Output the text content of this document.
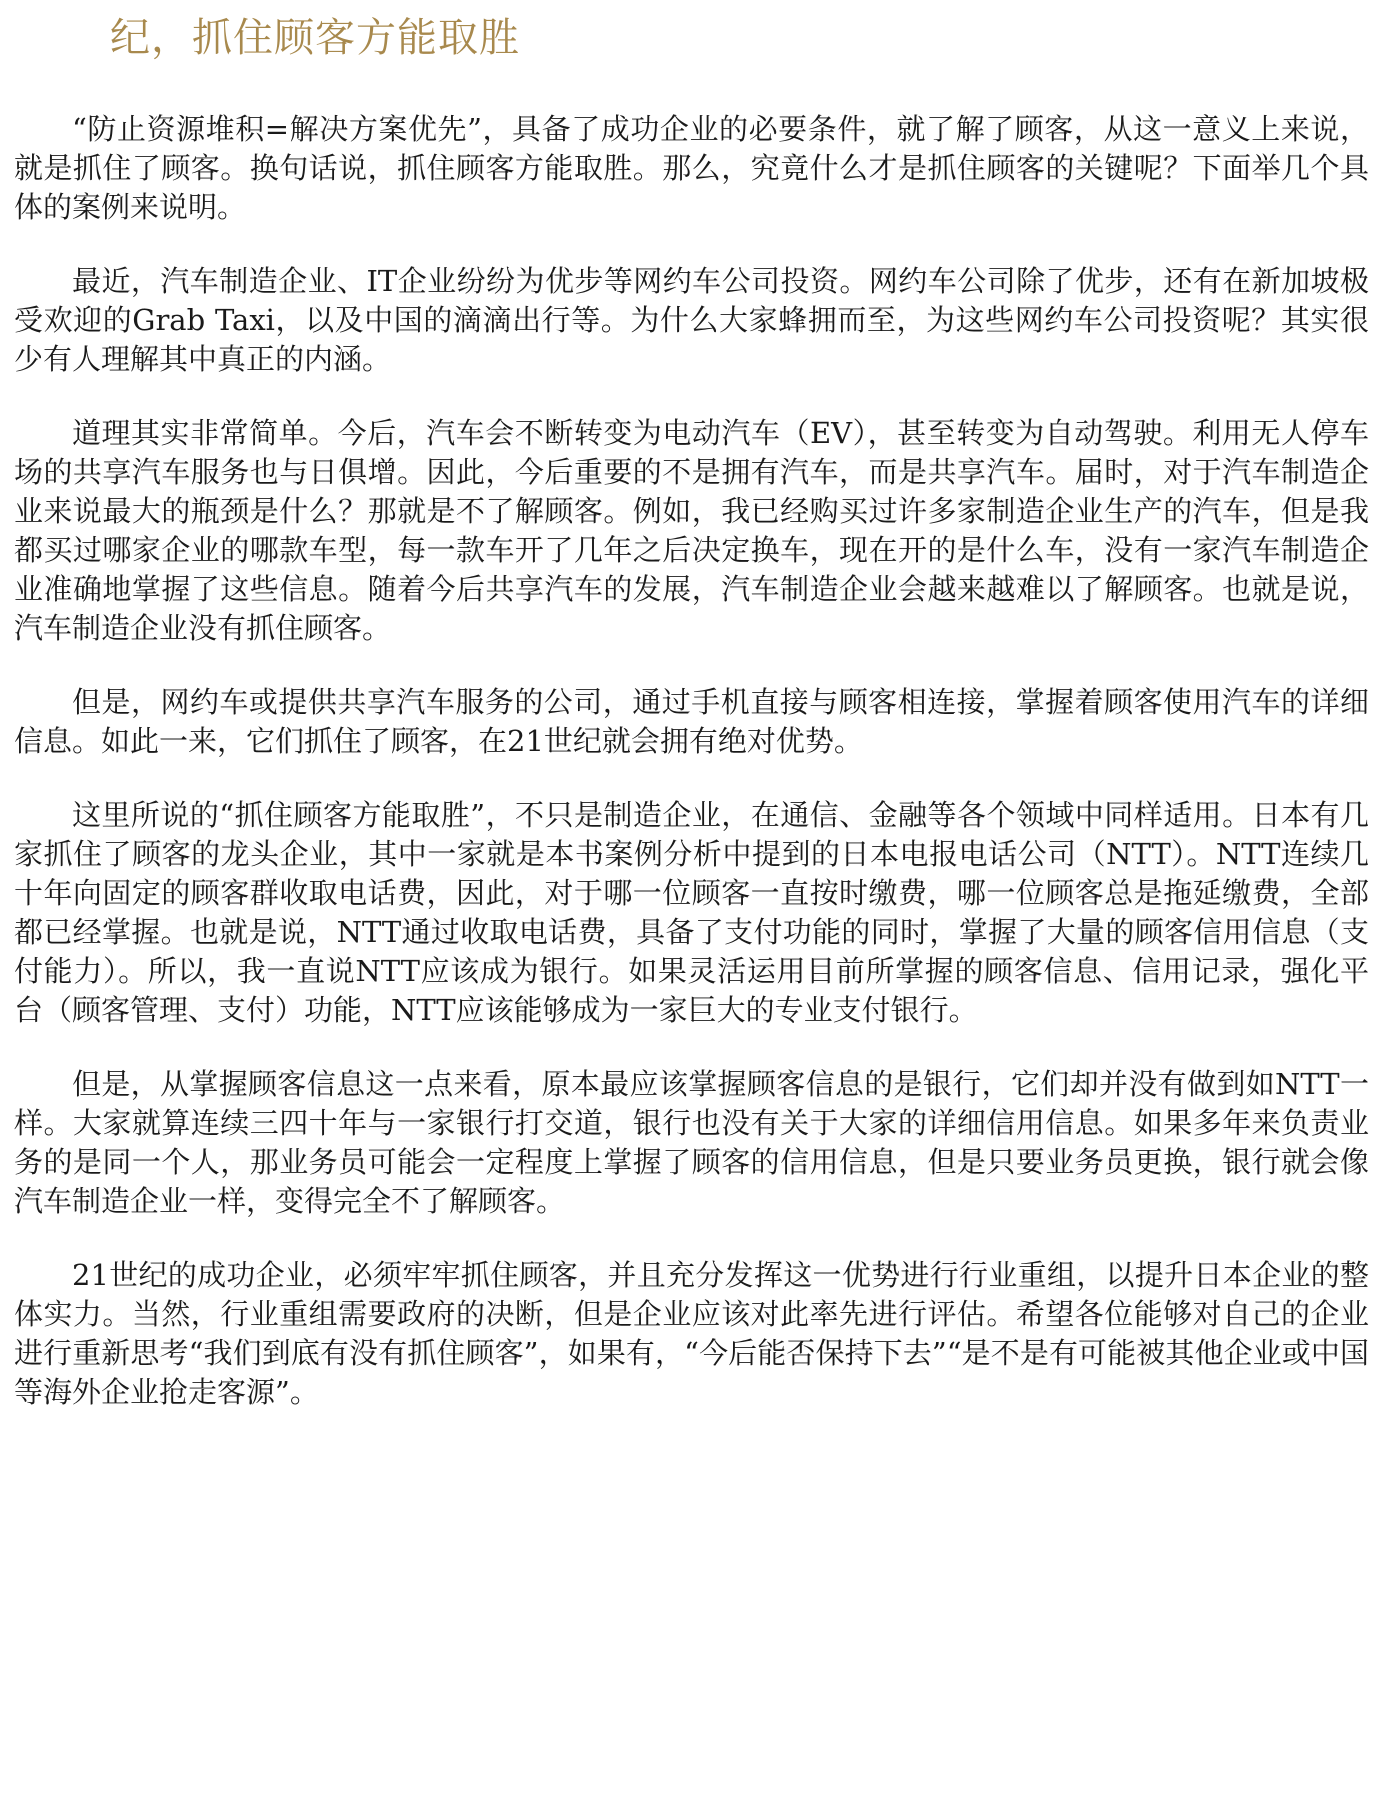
纪，抓住顾客方能取胜

“防止资源堆积=解决方案优先”，具备了成功企业的必要条件，就了解了顾客，从这一意义上来说，就是抓住了顾客。换句话说，抓住顾客方能取胜。那么，究竟什么才是抓住顾客的关键呢？下面举几个具体的案例来说明。

最近，汽车制造企业、IT企业纷纷为优步等网约车公司投资。网约车公司除了优步，还有在新加坡极受欢迎的Grab Taxi，以及中国的滴滴出行等。为什么大家蜂拥而至，为这些网约车公司投资呢？其实很少有人理解其中真正的内涵。

道理其实非常简单。今后，汽车会不断转变为电动汽车（EV），甚至转变为自动驾驶。利用无人停车场的共享汽车服务也与日俱增。因此，今后重要的不是拥有汽车，而是共享汽车。届时，对于汽车制造企业来说最大的瓶颈是什么？那就是不了解顾客。例如，我已经购买过许多家制造企业生产的汽车，但是我都买过哪家企业的哪款车型，每一款车开了几年之后决定换车，现在开的是什么车，没有一家汽车制造企业准确地掌握了这些信息。随着今后共享汽车的发展，汽车制造企业会越来越难以了解顾客。也就是说，汽车制造企业没有抓住顾客。

但是，网约车或提供共享汽车服务的公司，通过手机直接与顾客相连接，掌握着顾客使用汽车的详细信息。如此一来，它们抓住了顾客，在21世纪就会拥有绝对优势。

这里所说的“抓住顾客方能取胜”，不只是制造企业，在通信、金融等各个领域中同样适用。日本有几家抓住了顾客的龙头企业，其中一家就是本书案例分析中提到的日本电报电话公司（NTT）。NTT连续几十年向固定的顾客群收取电话费，因此，对于哪一位顾客一直按时缴费，哪一位顾客总是拖延缴费，全部都已经掌握。也就是说，NTT通过收取电话费，具备了支付功能的同时，掌握了大量的顾客信用信息（支付能力）。所以，我一直说NTT应该成为银行。如果灵活运用目前所掌握的顾客信息、信用记录，强化平台（顾客管理、支付）功能，NTT应该能够成为一家巨大的专业支付银行。

但是，从掌握顾客信息这一点来看，原本最应该掌握顾客信息的是银行，它们却并没有做到如NTT一样。大家就算连续三四十年与一家银行打交道，银行也没有关于大家的详细信用信息。如果多年来负责业务的是同一个人，那业务员可能会一定程度上掌握了顾客的信用信息，但是只要业务员更换，银行就会像汽车制造企业一样，变得完全不了解顾客。

21世纪的成功企业，必须牢牢抓住顾客，并且充分发挥这一优势进行行业重组，以提升日本企业的整体实力。当然，行业重组需要政府的决断，但是企业应该对此率先进行评估。希望各位能够对自己的企业进行重新思考“我们到底有没有抓住顾客”，如果有，“今后能否保持下去”“是不是有可能被其他企业或中国等海外企业抢走客源”。
